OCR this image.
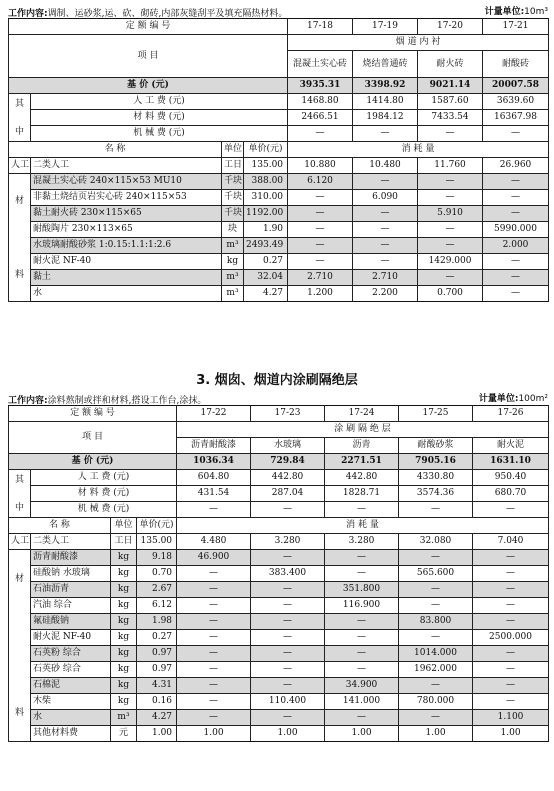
工作内容:调制、运砂浆,运、砍、砌砖,内部灰缝刮平及填充隔热材料。	计量单位:10m³
定 额 编 号				17-18	17-19	17-20	17-21
项 目				烟 道 内 衬			
				混凝土实心砖	烧结普通砖	耐火砖	耐酸砖
基 价 (元)				3935.31	3398.92	9021.14	20007.58
其

中	人 工 费 (元)			1468.80	1414.80	1587.60	3639.60
	材 料 费 (元)			2466.51	1984.12	7433.54	16367.98
	机 械 费 (元)			—	—	—	—
名 称		单位	单价(元)	消 耗 量			
人工	二类人工	工日	135.00	10.880	10.480	11.760	26.960

材
料	混凝土实心砖 240×115×53 MU10	千块	388.00	6.120	—	—	—
	非黏土烧结页岩实心砖 240×115×53	千块	310.00	—	6.090	—	—
	黏土耐火砖 230×115×65	千块	1192.00	—	—	5.910	—
	耐酸陶片 230×113×65	块	1.90	—	—	—	5990.000
	水玻璃耐酸砂浆 1:0.15:1.1:1:2.6	m³	2493.49	—	—	—	2.000
	耐火泥 NF-40	kg	0.27	—	—	1429.000	—
	黏土	m³	32.04	2.710	2.710	—	—
	水	m³	4.27	1.200	2.200	0.700	—
3. 烟囱、烟道内涂刷隔绝层
工作内容:涂料熬制或拌和材料,搭设工作台,涂抹。	计量单位:100m²
定 额 编 号				17-22	17-23	17-24	17-25	17-26
项 目				涂 刷 隔 绝 层				
				沥青耐酸漆	水玻璃	沥青	耐酸砂浆	耐火泥
基 价 (元)				1036.34	729.84	2271.51	7905.16	1631.10
其

中	人 工 费 (元)			604.80	442.80	442.80	4330.80	950.40
	材 料 费 (元)			431.54	287.04	1828.71	3574.36	680.70
	机 械 费 (元)			—	—	—	—	—
名 称		单位	单价(元)	消 耗 量				
人工	二类人工	工日	135.00	4.480	3.280	3.280	32.080	7.040

材
料	沥青耐酸漆	kg	9.18	46.900	—	—	—	—
	硅酸钠 水玻璃	kg	0.70	—	383.400	—	565.600	—
	石油沥青	kg	2.67	—	—	351.800	—	—
	汽油 综合	kg	6.12	—	—	116.900	—	—
	氟硅酸钠	kg	1.98	—	—	—	83.800	—
	耐火泥 NF-40	kg	0.27	—	—	—	—	2500.000
	石英粉 综合	kg	0.97	—	—	—	1014.000	—
	石英砂 综合	kg	0.97	—	—	—	1962.000	—
	石棉泥	kg	4.31	—	—	34.900	—	—
	木柴	kg	0.16	—	110.400	141.000	780.000	—
	水	m³	4.27	—	—	—	—	1.100
	其他材料费	元	1.00	1.00	1.00	1.00	1.00	1.00
